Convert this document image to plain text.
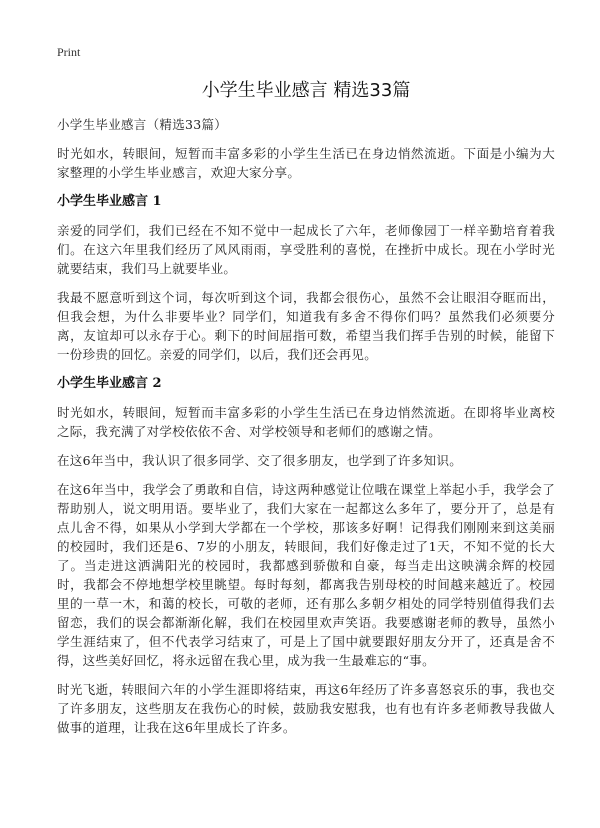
Print
小学生毕业感言 精选33篇

小学生毕业感言（精选33篇）

时光如水，转眼间，短暂而丰富多彩的小学生生活已在身边悄然流逝。下面是小编为大家整理的小学生毕业感言，欢迎大家分享。

小学生毕业感言 1

亲爱的同学们，我们已经在不知不觉中一起成长了六年，老师像园丁一样辛勤培育着我们。在这六年里我们经历了风风雨雨，享受胜利的喜悦，在挫折中成长。现在小学时光就要结束，我们马上就要毕业。

我最不愿意听到这个词，每次听到这个词，我都会很伤心，虽然不会让眼泪夺眶而出，但我会想，为什么非要毕业？同学们，知道我有多舍不得你们吗？虽然我们必须要分离，友谊却可以永存于心。剩下的时间屈指可数，希望当我们挥手告别的时候，能留下一份珍贵的回忆。亲爱的同学们，以后，我们还会再见。

小学生毕业感言 2

时光如水，转眼间，短暂而丰富多彩的小学生生活已在身边悄然流逝。在即将毕业离校之际，我充满了对学校依依不舍、对学校领导和老师们的感谢之情。

在这6年当中，我认识了很多同学、交了很多朋友，也学到了许多知识。

在这6年当中，我学会了勇敢和自信，诗这两种感觉让位哦在课堂上举起小手，我学会了帮助别人，说文明用语。要毕业了，我们大家在一起都这么多年了，要分开了，总是有点儿舍不得，如果从小学到大学都在一个学校，那该多好啊！记得我们刚刚来到这美丽的校园时，我们还是6、7岁的小朋友，转眼间，我们好像走过了1天，不知不觉的长大了。当走进这洒满阳光的校园时，我都感到骄傲和自豪，每当走出这映满余辉的校园时，我都会不停地想学校里眺望。每时每刻，都离我告别母校的时间越来越近了。校园里的一草一木，和蔼的校长，可敬的老师，还有那么多朝夕相处的同学特别值得我们去留恋，我们的误会都渐渐化解，我们在校园里欢声笑语。我要感谢老师的教导，虽然小学生涯结束了，但不代表学习结束了，可是上了国中就要跟好朋友分开了，还真是舍不得，这些美好回忆，将永远留在我心里，成为我一生最难忘的“事。

时光飞逝，转眼间六年的小学生涯即将结束，再这6年经历了许多喜怒哀乐的事，我也交了许多朋友，这些朋友在我伤心的时候，鼓励我安慰我，也有也有许多老师教导我做人做事的道理，让我在这6年里成长了许多。
